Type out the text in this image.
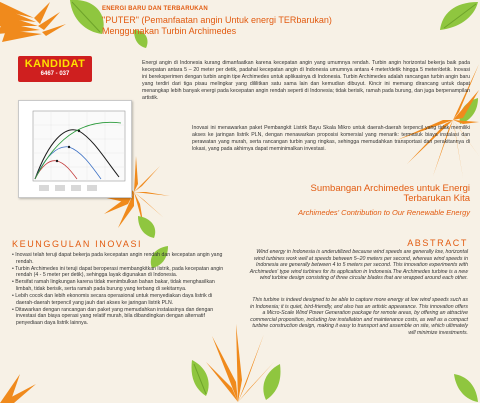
ENERGI BARU DAN TERBARUKAN
"PUTER" (Pemanfaatan angin Untuk energi TERbarukan) Menggunakan Turbin Archimedes
KANDIDAT
6467 - 037
Energi angin di Indonesia kurang dimanfaatkan karena kecepatan angin yang umumnya rendah. Turbin angin horizontal bekerja baik pada kecepatan antara 5 – 20 meter per detik, padahal kecepatan angin di Indonesia umumnya antara 4 meter/detik hingga 5 meter/detik. Inovasi ini bereksperimen dengan turbin angin tipe Archimedes untuk aplikasinya di Indonesia. Turbin Archimedes adalah rancangan turbin angin baru yang terdiri dari tiga pisau melingkar yang dililitkan satu sama lain dan kemudian dibuyut. Kincir ini memang dirancang untuk dapat menangkap lebih banyak energi pada kecepatan angin rendah seperti di Indonesia; tidak berisik, ramah pada burung, dan juga berpenampilan artistik.
Inovasi ini menawarkan paket Pembangkit Listrik Bayu Skala Mikro untuk daerah-daerah terpencil yang tidak memiliki akses ke jaringan listrik PLN, dengan menawarkan proposisi komersial yang menarik: termasuk biaya instalasi dan perawatan yang murah, serta rancangan turbin yang ringkas, sehingga memudahkan transportasi dan perakitannya di lokasi, yang pada akhirnya dapat meminimalkan investasi.
Sumbangan Archimedes untuk Energi Terbarukan Kita
Archimedes' Contribution to Our Renewable Energy
KEUNGGULAN INOVASI
• Inovasi telah teruji dapat bekerja pada kecepatan angin rendah dan kecepatan angin yang rendah.
• Turbin Archimedes ini teruji dapat beroperasi membangkitkan listrik, pada kecepatan angin rendah (4 - 5 meter per detik), sehingga layak digunakan di Indonesia.
• Bersifat ramah lingkungan karena tidak menimbulkan bahan bakar, tidak menghasilkan limbah, tidak berisik, serta ramah pada burung yang terbang di sekitarnya.
• Lebih cocok dan lebih ekonomis secara operasional untuk menyediakan daya listrik di daerah-daerah terpencil yang jauh dari akses ke jaringan listrik PLN.
• Ditawarkan dengan rancangan dan paket yang memudahkan instalasinya dan dengan investasi dan biaya operasi yang relatif murah, bila dibandingkan dengan alternatif penyediaan daya listrik lainnya.
ABSTRACT
Wind energy in Indonesia is underutilized because wind speeds are generally low, horizontal wind turbines work well at speeds between 5–20 meters per second, whereas wind speeds in Indonesia are generally between 4 to 5 meters per second. This innovation experiments with Archimedes' type wind turbines for its application in Indonesia.The Archimedes turbine is a new wind turbine design consisting of three circular blades that are wrapped around each other.
This turbine is indeed designed to be able to capture more energy at low wind speeds such as in Indonesia; it is quiet, bird-friendly, and also has an artistic appearance. This innovation offers a Micro-Scale Wind Power Generation package for remote areas, by offering an attractive commercial proposition, including low installation and maintenance costs, as well as a compact turbine construction design, making it easy to transport and assemble on site, which ultimately will minimize investments.
